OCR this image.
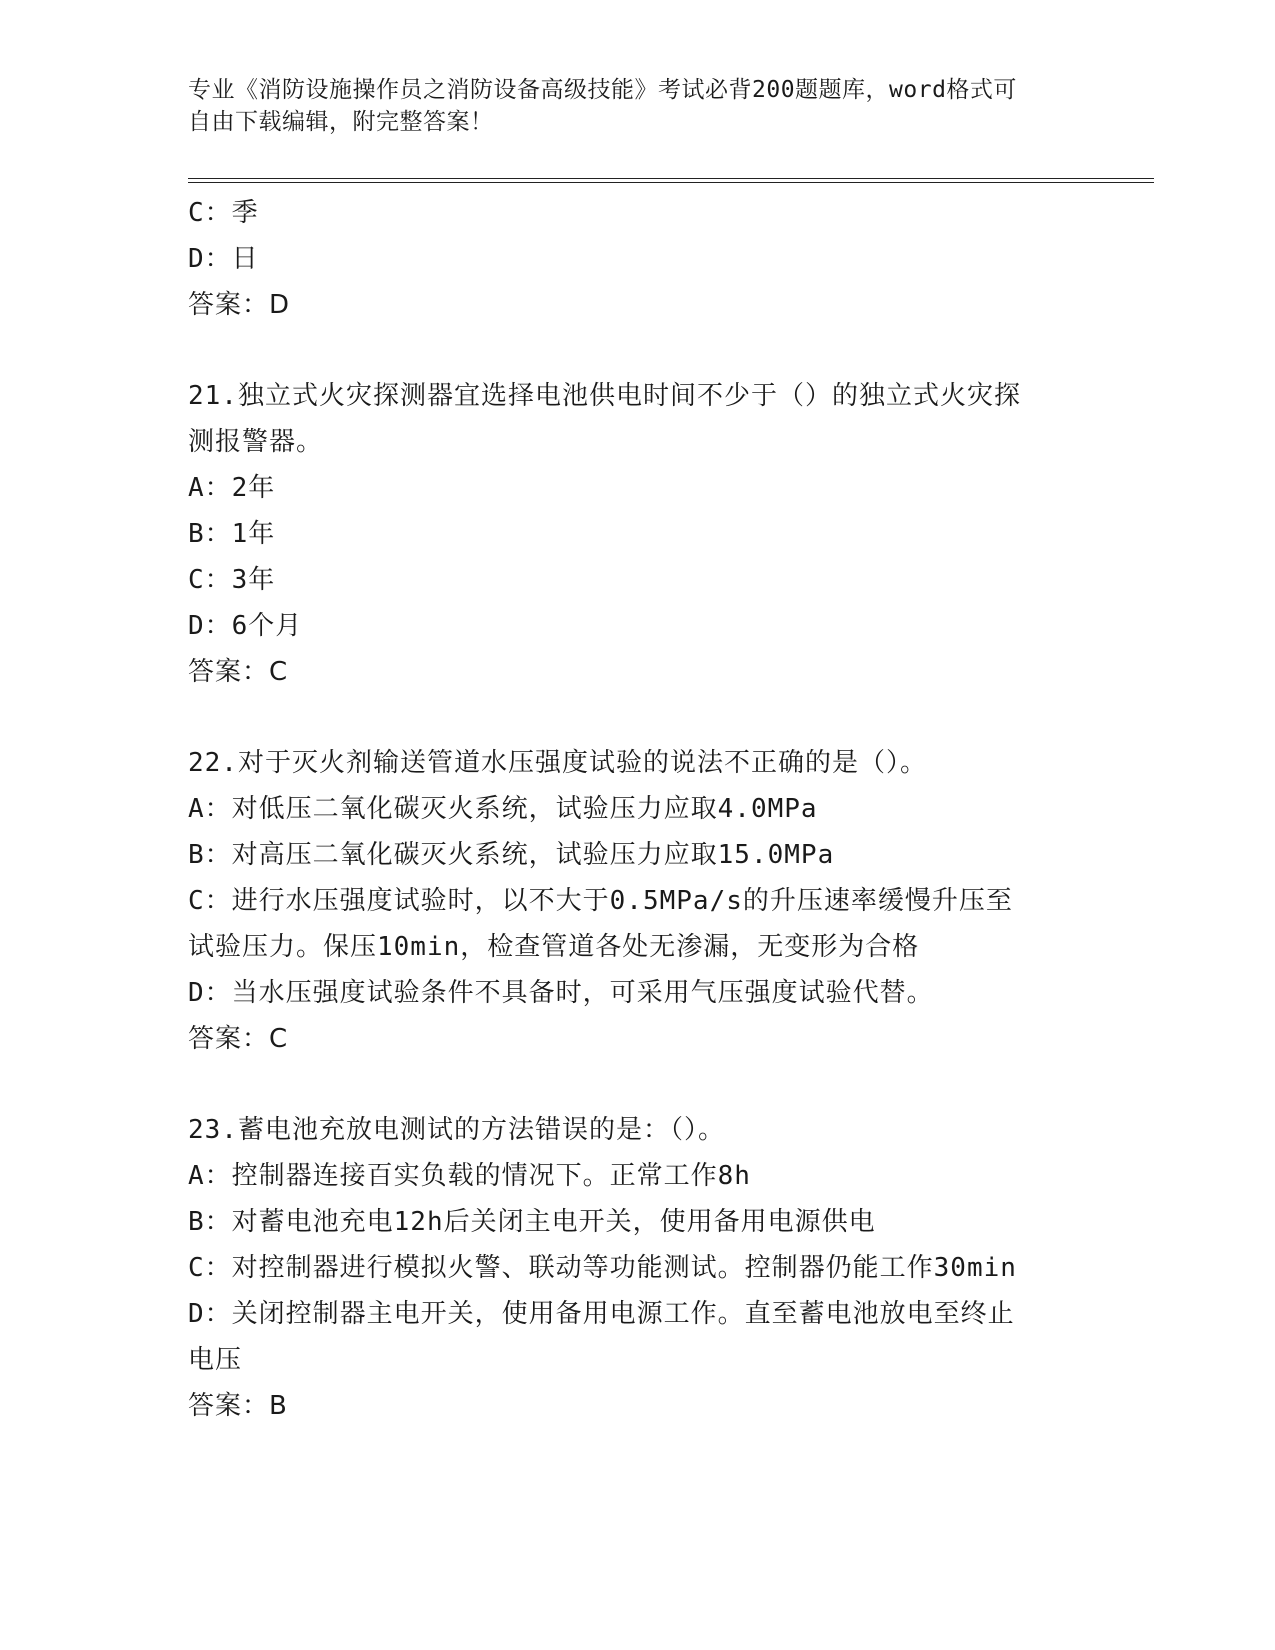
专业《消防设施操作员之消防设备高级技能》考试必背200题题库，word格式可
自由下载编辑，附完整答案！
C：季
D：日
答案：D
21.独立式火灾探测器宜选择电池供电时间不少于（）的独立式火灾探
测报警器。
A：2年
B：1年
C：3年
D：6个月
答案：C
22.对于灭火剂输送管道水压强度试验的说法不正确的是（）。
A：对低压二氧化碳灭火系统，试验压力应取4.0MPa
B：对高压二氧化碳灭火系统，试验压力应取15.0MPa
C：进行水压强度试验时，以不大于0.5MPa/s的升压速率缓慢升压至
试验压力。保压10min，检查管道各处无渗漏，无变形为合格
D：当水压强度试验条件不具备时，可采用气压强度试验代替。
答案：C
23.蓄电池充放电测试的方法错误的是：（）。
A：控制器连接百实负载的情况下。正常工作8h
B：对蓄电池充电12h后关闭主电开关，使用备用电源供电
C：对控制器进行模拟火警、联动等功能测试。控制器仍能工作30min
D：关闭控制器主电开关，使用备用电源工作。直至蓄电池放电至终止
电压
答案：B
